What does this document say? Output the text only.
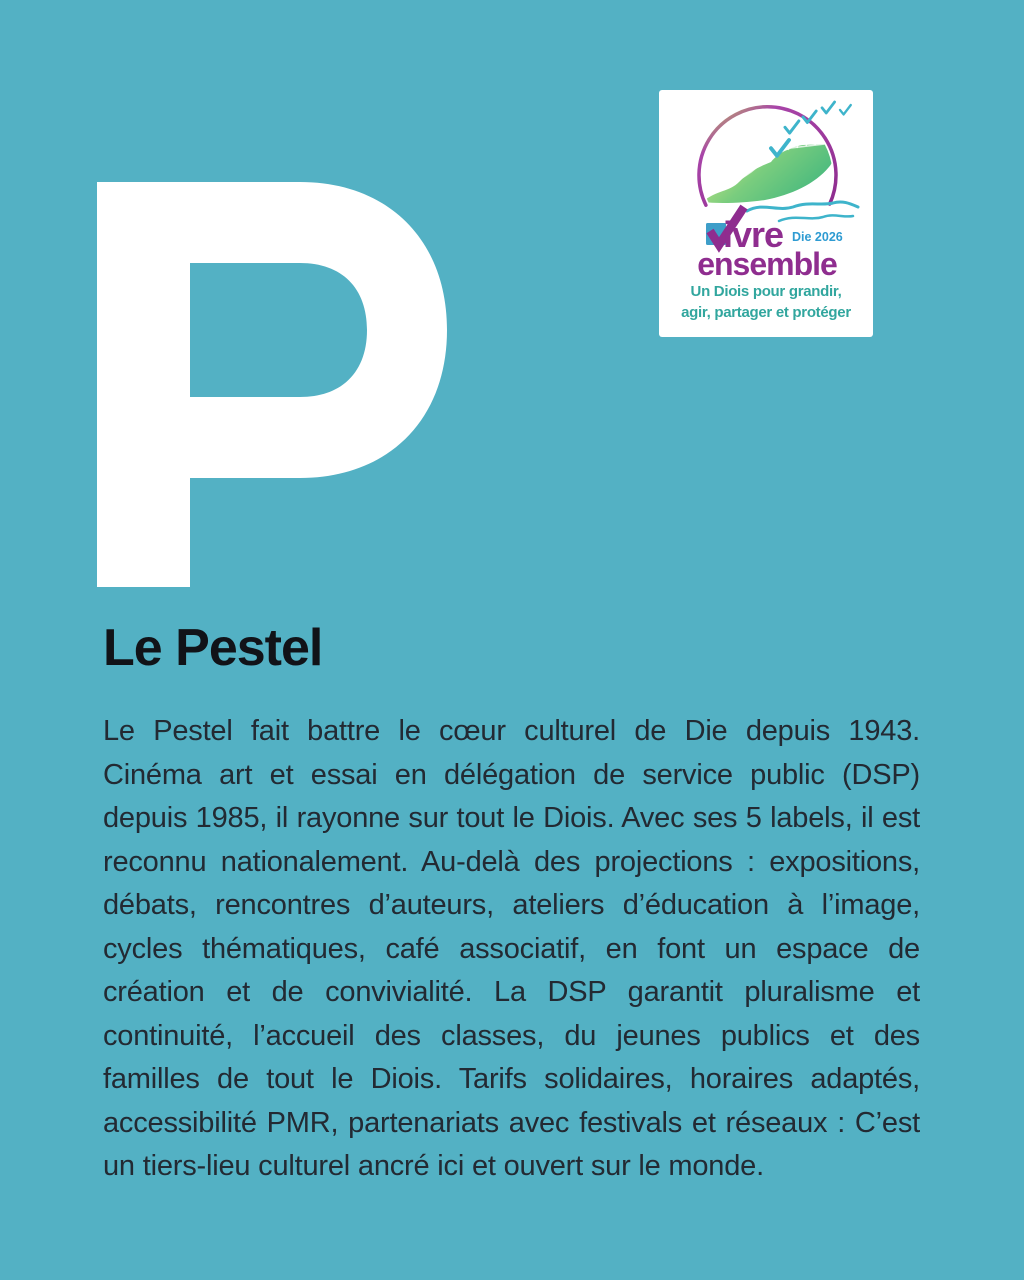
ivre Die 2026
ensemble
Un Diois pour grandir,
agir, partager et protéger
Le Pestel
Le Pestel fait battre le cœur culturel de Die depuis 1943. Cinéma art et essai en délégation de service public (DSP) depuis 1985, il rayonne sur tout le Diois. Avec ses 5 labels, il est reconnu nationalement. Au-delà des projections : expositions, débats, rencontres d’auteurs, ateliers d’éducation à l’image, cycles thématiques, café associatif, en font un espace de création et de convivialité. La DSP garantit pluralisme et continuité, l’accueil des classes, du jeunes publics et des familles de tout le Diois. Tarifs solidaires, horaires adaptés, accessibilité PMR, partenariats avec festivals et réseaux : C’est un tiers-lieu culturel ancré ici et ouvert sur le monde.
